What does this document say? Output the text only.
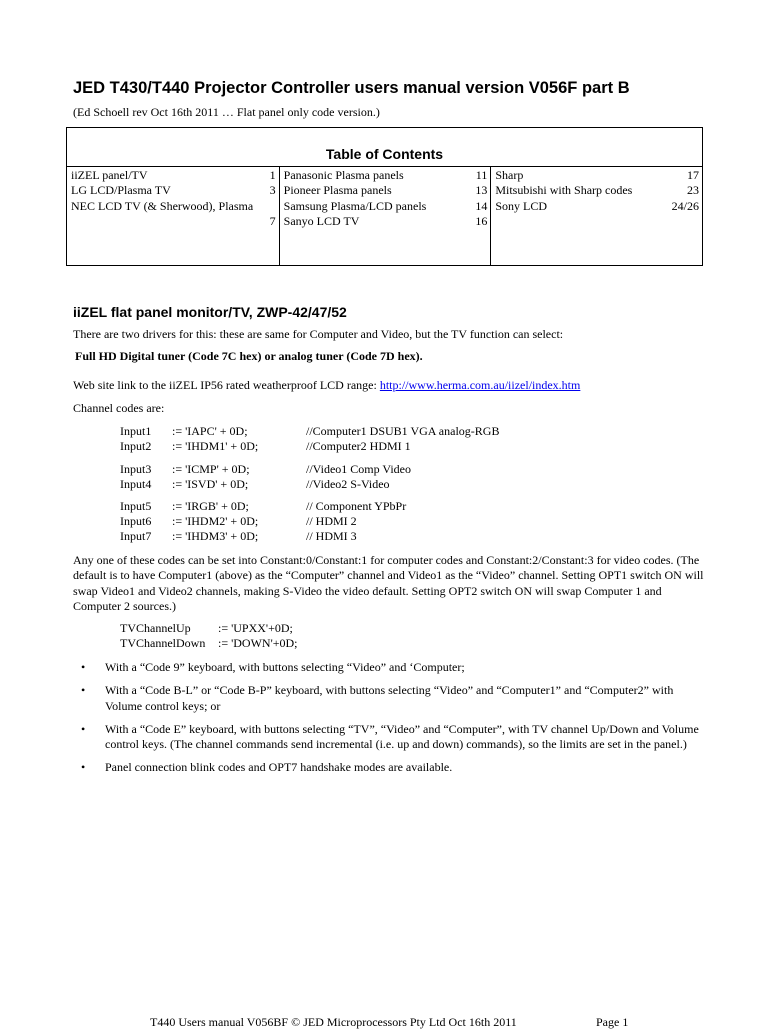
JED T430/T440 Projector Controller users manual version V056F part B
(Ed Schoell rev Oct 16th 2011 … Flat panel only code version.)
Table of Contents
iiZEL panel/TV	1
LG LCD/Plasma TV	3
NEC LCD TV (& Sherwood), Plasma
7
Panasonic Plasma panels	11
Pioneer Plasma panels	13
Samsung Plasma/LCD panels	14
Sanyo LCD TV	16
Sharp	17
Mitsubishi with Sharp codes	23
Sony LCD	24/26
iiZEL flat panel monitor/TV, ZWP-42/47/52
There are two drivers for this: these are same for Computer and Video, but the TV function can select:
Full HD Digital tuner (Code 7C hex) or analog tuner (Code 7D hex).
Web site link to the iiZEL IP56 rated weatherproof LCD range: http://www.herma.com.au/iizel/index.htm
Channel codes are:
Input1	:= 'IAPC' + 0D;	//Computer1 DSUB1 VGA analog-RGB
Input2	:= 'IHDM1' + 0D;	//Computer2 HDMI 1
Input3	:= 'ICMP' + 0D;	//Video1 Comp Video
Input4	:= 'ISVD' + 0D;	//Video2 S-Video
Input5	:= 'IRGB' + 0D;	// Component YPbPr
Input6	:= 'IHDM2' + 0D;	// HDMI 2
Input7	:= 'IHDM3' + 0D;	// HDMI 3
Any one of these codes can be set into Constant:0/Constant:1 for computer codes and Constant:2/Constant:3 for video codes. (The default is to have Computer1 (above) as the “Computer” channel and Video1 as the “Video” channel. Setting OPT1 switch ON will swap Video1 and Video2 channels, making S-Video the video default. Setting OPT2 switch ON will swap Computer 1 and Computer 2 sources.)
TVChannelUp	:= 'UPXX'+0D;
TVChannelDown	:= 'DOWN'+0D;
• With a “Code 9” keyboard, with buttons selecting “Video” and ‘Computer;
• With a “Code B-L” or “Code B-P” keyboard, with buttons selecting “Video” and “Computer1” and “Computer2” with Volume control keys; or
• With a “Code E” keyboard, with buttons selecting “TV”, “Video” and “Computer”, with TV channel Up/Down and Volume control keys. (The channel commands send incremental (i.e. up and down) commands), so the limits are set in the panel.)
• Panel connection blink codes and OPT7 handshake modes are available.
T440 Users manual V056BF © JED Microprocessors Pty Ltd Oct 16th 2011	Page 1
